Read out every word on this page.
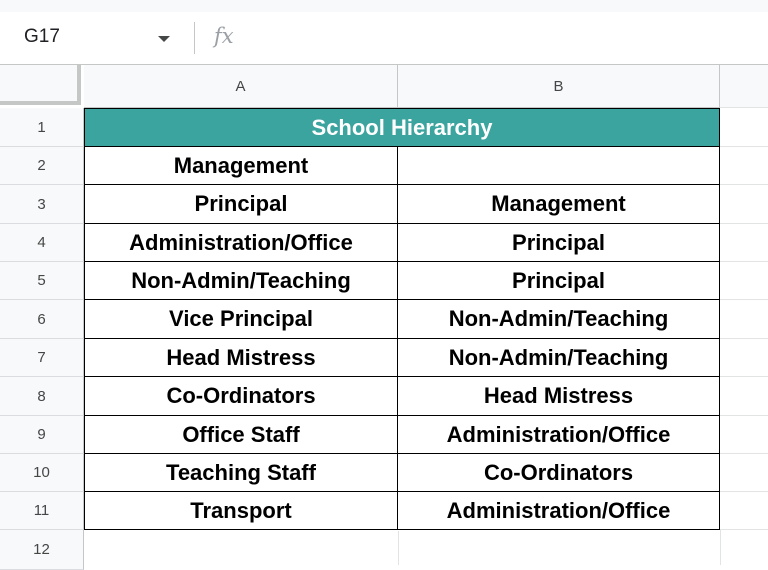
G17	fx
A	B
1
2
3
4
5
6
7
8
9
10
11
12
School Hierarchy
Management
Principal	Management
Administration/Office	Principal
Non-Admin/Teaching	Principal
Vice Principal	Non-Admin/Teaching
Head Mistress	Non-Admin/Teaching
Co-Ordinators	Head Mistress
Office Staff	Administration/Office
Teaching Staff	Co-Ordinators
Transport	Administration/Office
